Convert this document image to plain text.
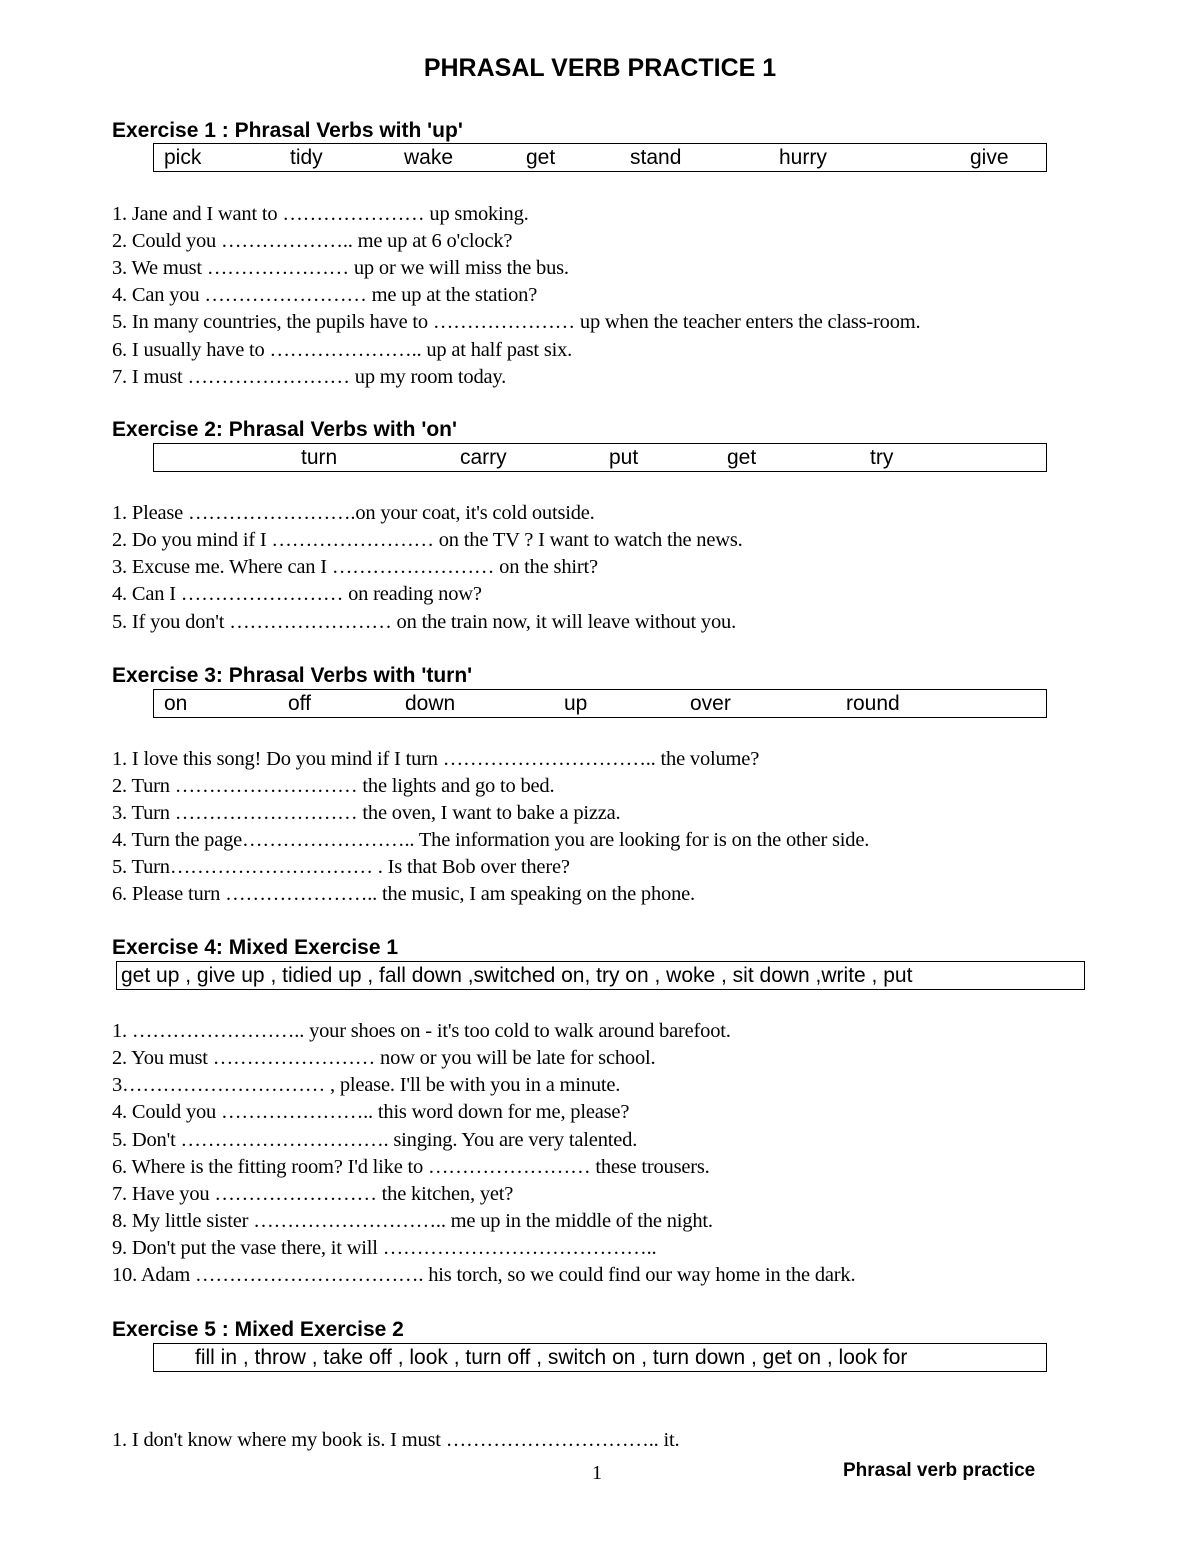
PHRASAL VERB PRACTICE 1
Exercise 1 : Phrasal Verbs with 'up'
pick	tidy	wake	get	stand	hurry	give
1. Jane and I want to ………………… up smoking.
2. Could you ……………….. me up at 6 o'clock?
3. We must ………………… up or we will miss the bus.
4. Can you …………………… me up at the station?
5. In many countries, the pupils have to ………………… up when the teacher enters the class-room.
6. I usually have to ………………….. up at half past six.
7. I must …………………… up my room today.
Exercise 2: Phrasal Verbs with 'on'
turn	carry	put	get	try
1. Please …………………….on your coat, it's cold outside.
2. Do you mind if I …………………… on the TV ? I want to watch the news.
3. Excuse me. Where can I …………………… on the shirt?
4. Can I …………………… on reading now?
5. If you don't …………………… on the train now, it will leave without you.
Exercise 3: Phrasal Verbs with 'turn'
on	off	down	up	over	round
1. I love this song! Do you mind if I turn ………………………….. the volume?
2. Turn ……………………… the lights and go to bed.
3. Turn ……………………… the oven, I want to bake a pizza.
4. Turn the page…………………….. The information you are looking for is on the other side.
5. Turn………………………… . Is that Bob over there?
6. Please turn ………………….. the music, I am speaking on the phone.
Exercise 4: Mixed Exercise 1
get up , give up , tidied up , fall down ,switched on, try on , woke , sit down ,write , put
1. …………………….. your shoes on - it's too cold to walk around barefoot.
2. You must …………………… now or you will be late for school.
3………………………… , please. I'll be with you in a minute.
4. Could you ………………….. this word down for me, please?
5. Don't …………………………. singing. You are very talented.
6. Where is the fitting room? I'd like to …………………… these trousers.
7. Have you …………………… the kitchen, yet?
8. My little sister ……………………….. me up in the middle of the night.
9. Don't put the vase there, it will …………………………………..
10. Adam ……………………………. his torch, so we could find our way home in the dark.
Exercise 5 : Mixed Exercise 2
fill in , throw , take off , look , turn off , switch on , turn down , get on , look for
1. I don't know where my book is. I must ………………………….. it.
1	Phrasal verb practice
